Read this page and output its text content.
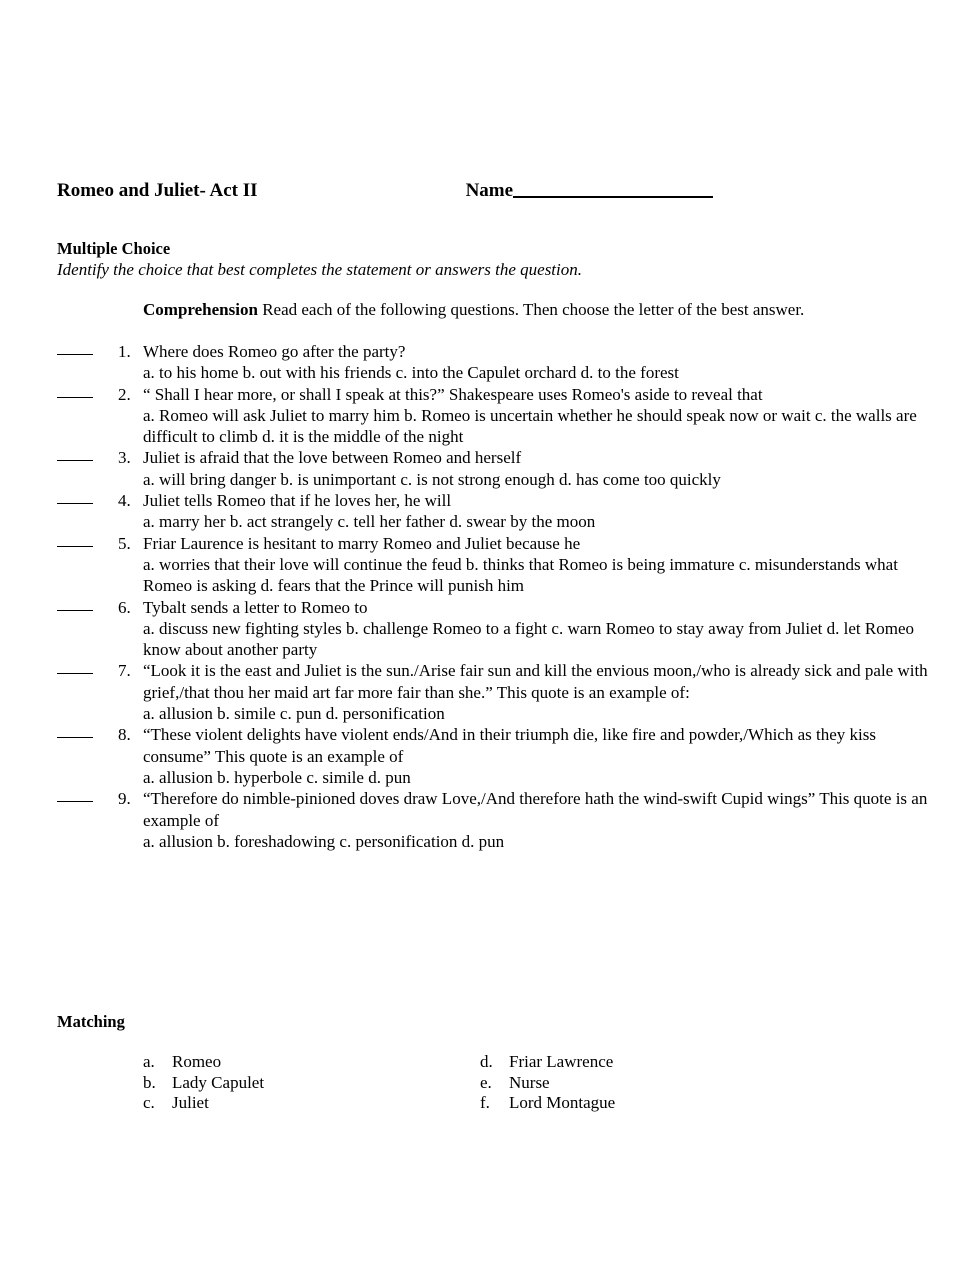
Romeo and Juliet- Act II	Name
Multiple Choice
Identify the choice that best completes the statement or answers the question.
Comprehension Read each of the following questions. Then choose the letter of the best answer.
1. Where does Romeo go after the party?
a. to his home b. out with his friends c. into the Capulet orchard d. to the forest
2. “ Shall I hear more, or shall I speak at this?” Shakespeare uses Romeo's aside to reveal that
a. Romeo will ask Juliet to marry him b. Romeo is uncertain whether he should speak now or wait c. the walls are difficult to climb d. it is the middle of the night
3. Juliet is afraid that the love between Romeo and herself
a. will bring danger b. is unimportant c. is not strong enough d. has come too quickly
4. Juliet tells Romeo that if he loves her, he will
a. marry her b. act strangely c. tell her father d. swear by the moon
5. Friar Laurence is hesitant to marry Romeo and Juliet because he
a. worries that their love will continue the feud b. thinks that Romeo is being immature c. misunderstands what Romeo is asking d. fears that the Prince will punish him
6. Tybalt sends a letter to Romeo to
a. discuss new fighting styles b. challenge Romeo to a fight c. warn Romeo to stay away from Juliet d. let Romeo know about another party
7. “Look it is the east and Juliet is the sun./Arise fair sun and kill the envious moon,/who is already sick and pale with grief,/that thou her maid art far more fair than she.” This quote is an example of:
a. allusion b. simile c. pun d. personification
8. “These violent delights have violent ends/And in their triumph die, like fire and powder,/Which as they kiss consume” This quote is an example of
a. allusion b. hyperbole c. simile d. pun
9. “Therefore do nimble-pinioned doves draw Love,/And therefore hath the wind-swift Cupid wings” This quote is an example of
a. allusion b. foreshadowing c. personification d. pun
Matching
a.	Romeo	d. Friar Lawrence
b. Lady Capulet	e.	Nurse
c.	Juliet	f.	Lord Montague
